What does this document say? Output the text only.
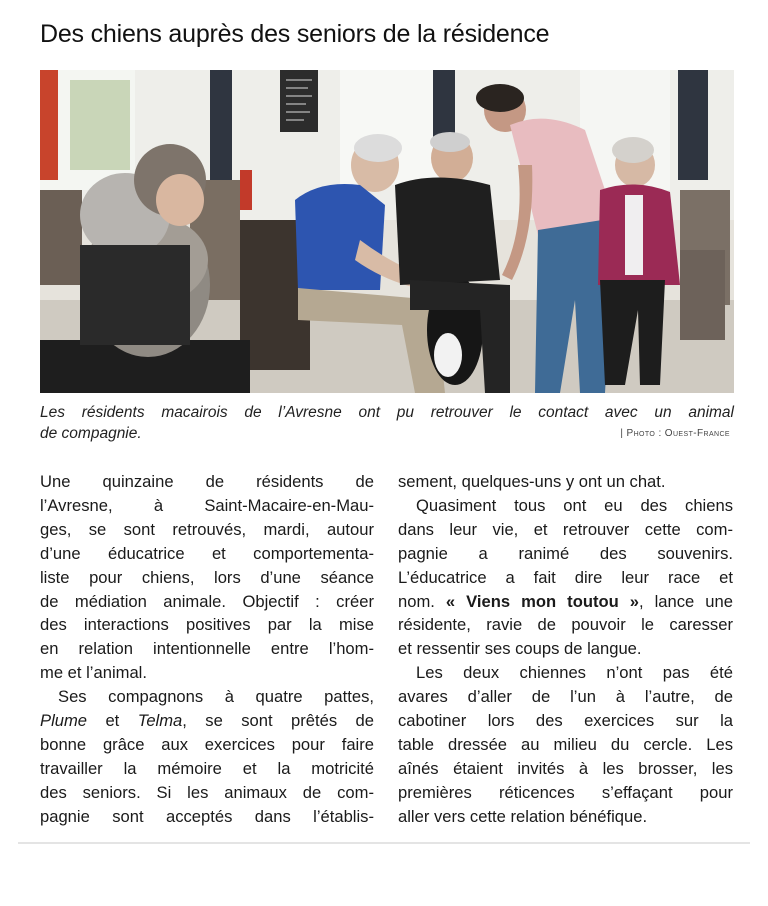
Des chiens auprès des seniors de la résidence
Les résidents macairois de l’Avresne ont pu retrouver le contact avec un animal
de compagnie.	| Photo : Ouest-France
Une quinzaine de résidents de
l’Avresne, à Saint-Macaire-en-Mau-
ges, se sont retrouvés, mardi, autour
d’une éducatrice et comportementa-
liste pour chiens, lors d’une séance
de médiation animale. Objectif : créer
des interactions positives par la mise
en relation intentionnelle entre l’hom-
me et l’animal.
Ses compagnons à quatre pattes,
Plume et Telma, se sont prêtés de
bonne grâce aux exercices pour faire
travailler la mémoire et la motricité
des seniors. Si les animaux de com-
pagnie sont acceptés dans l’établis-
sement, quelques-uns y ont un chat.
Quasiment tous ont eu des chiens
dans leur vie, et retrouver cette com-
pagnie a ranimé des souvenirs.
L’éducatrice a fait dire leur race et
nom. « Viens mon toutou », lance une
résidente, ravie de pouvoir le caresser
et ressentir ses coups de langue.
Les deux chiennes n’ont pas été
avares d’aller de l’un à l’autre, de
cabotiner lors des exercices sur la
table dressée au milieu du cercle. Les
aînés étaient invités à les brosser, les
premières réticences s’effaçant pour
aller vers cette relation bénéfique.
